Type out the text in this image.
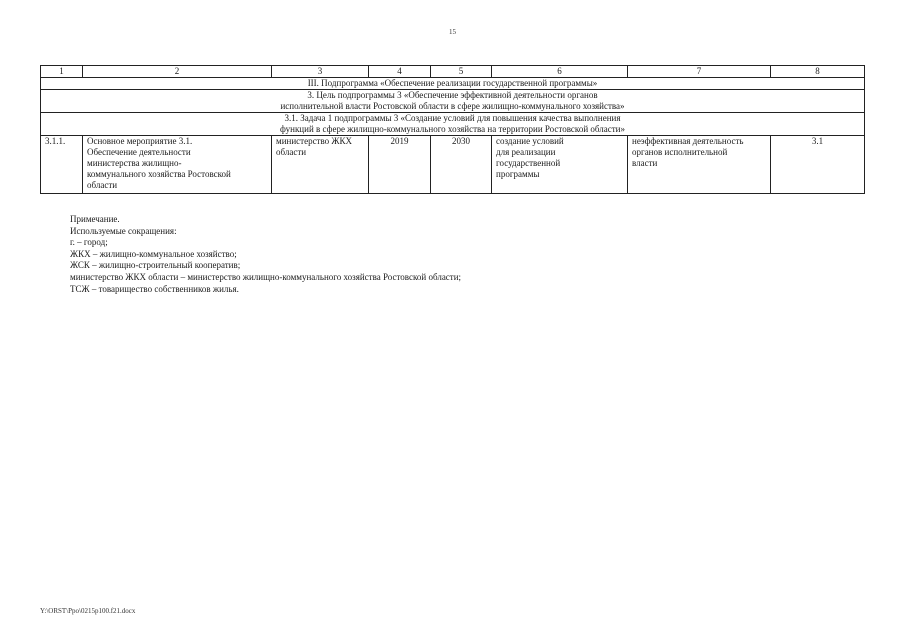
15
1	2	3	4	5	6	7	8
III. Подпрограмма «Обеспечение реализации государственной программы»							

3. Цель подпрограммы 3 «Обеспечение эффективной деятельности органов
исполнительной власти Ростовской области в сфере жилищно-коммунального хозяйства»							

3.1. Задача 1 подпрограммы 3 «Создание условий для повышения качества выполнения
функций в сфере жилищно-коммунального хозяйства на территории Ростовской области»							

3.1.1.	Основное мероприятие 3.1.
Обеспечение деятельности
министерства жилищно-
коммунального хозяйства Ростовской
области	министерство ЖКХ
области	2019	2030	создание условий
для реализации
государственной
программы	неэффективная деятельность
органов исполнительной
власти	3.1
Примечание.
Используемые сокращения:
г. – город;
ЖКХ – жилищно-коммунальное хозяйство;
ЖСК – жилищно-строительный кооператив;
министерство ЖКХ области – министерство жилищно-коммунального хозяйства Ростовской области;
ТСЖ – товарищество собственников жилья.
Y:\ORST\Ppo\0215p100.f21.docx
